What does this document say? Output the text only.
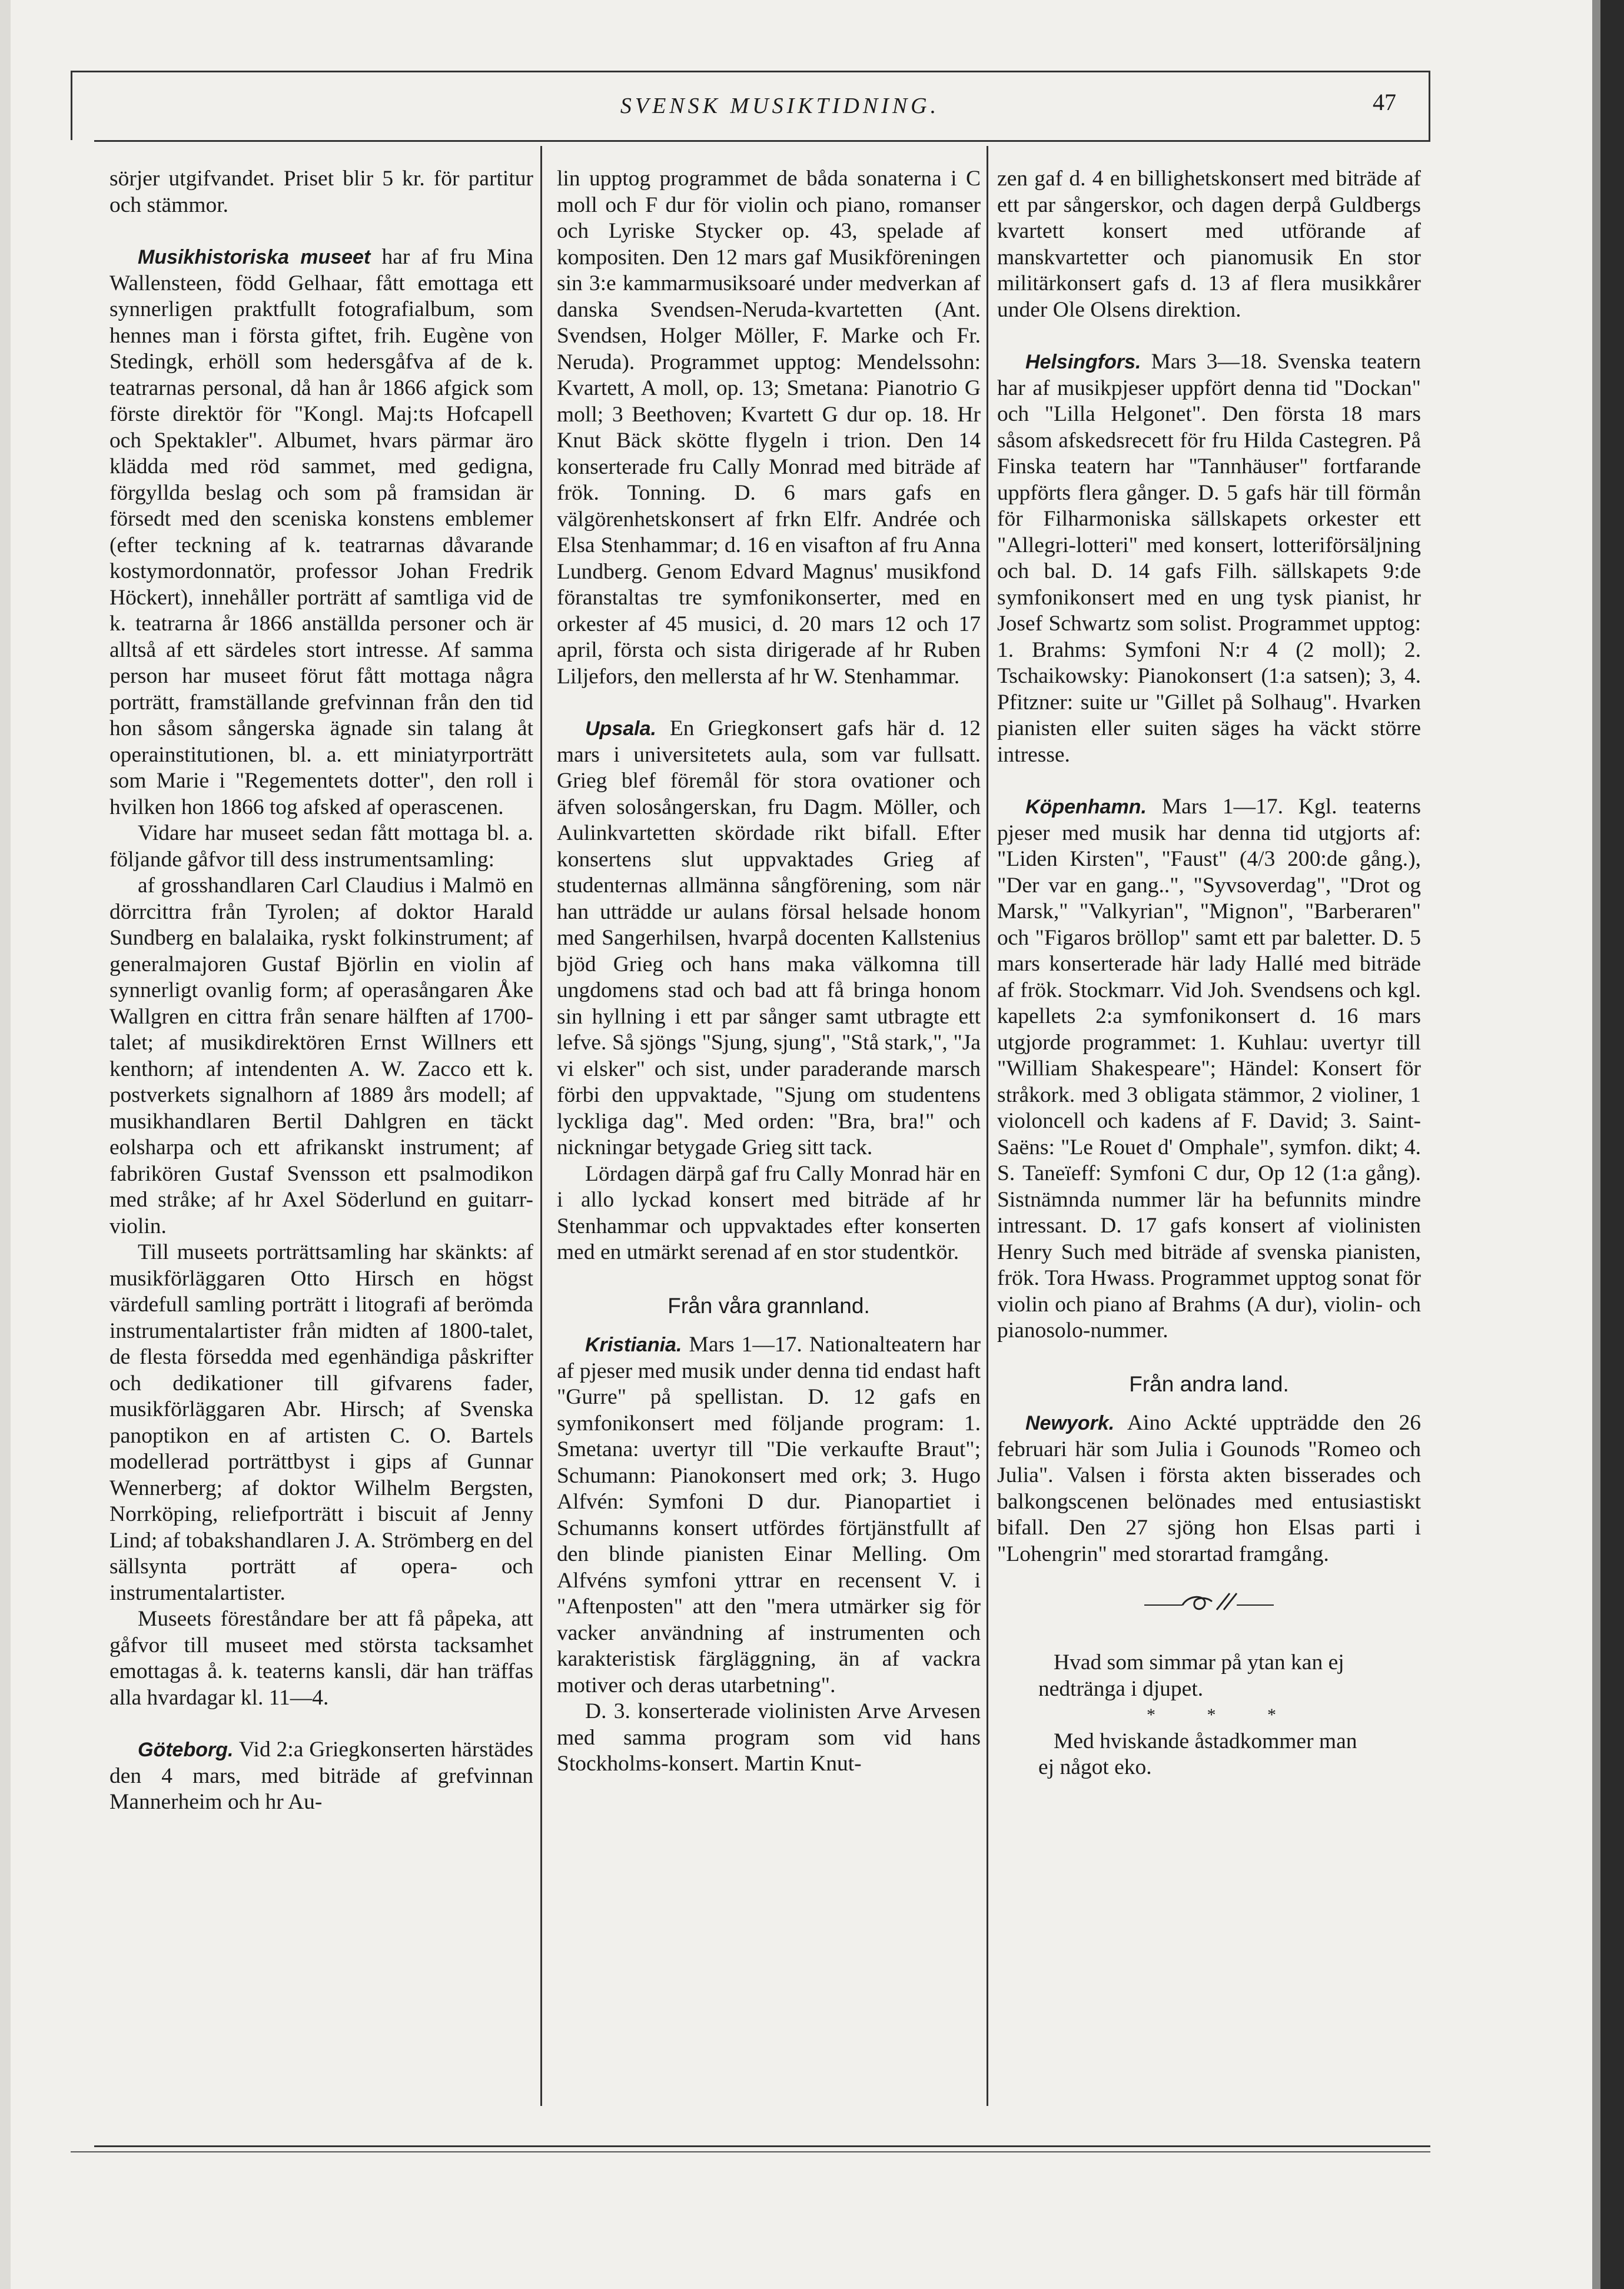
SVENSK MUSIKTIDNING.	47

sörjer utgifvandet. Priset blir 5 kr. för partitur och stämmor.

Musikhistoriska museet har af fru Mina Wallensteen, född Gelhaar, fått emottaga ett synnerligen praktfullt fotografialbum, som hennes man i första giftet, frih. Eugène von Stedingk, erhöll som hedersgåfva af de k. teatrarnas personal, då han år 1866 afgick som förste direktör för "Kongl. Maj:ts Hofcapell och Spektakler". Albumet, hvars pärmar äro klädda med röd sammet, med gedigna, förgyllda beslag och som på framsidan är försedt med den sceniska konstens emblemer (efter teckning af k. teatrarnas dåvarande kostymordonnatör, professor Johan Fredrik Höckert), innehåller porträtt af samtliga vid de k. teatrarna år 1866 anställda personer och är alltså af ett särdeles stort intresse. Af samma person har museet förut fått mottaga några porträtt, framställande grefvinnan från den tid hon såsom sångerska ägnade sin talang åt operainstitutionen, bl. a. ett miniatyrporträtt som Marie i "Regementets dotter", den roll i hvilken hon 1866 tog afsked af operascenen.

Vidare har museet sedan fått mottaga bl. a. följande gåfvor till dess instrumentsamling:

af grosshandlaren Carl Claudius i Malmö en dörrcittra från Tyrolen; af doktor Harald Sundberg en balalaika, ryskt folkinstrument; af generalmajoren Gustaf Björlin en violin af synnerligt ovanlig form; af operasångaren Åke Wallgren en cittra från senare hälften af 1700-talet; af musikdirektören Ernst Willners ett kenthorn; af intendenten A. W. Zacco ett k. postverkets signalhorn af 1889 års modell; af musikhandlaren Bertil Dahlgren en täckt eolsharpa och ett afrikanskt instrument; af fabrikören Gustaf Svensson ett psalmodikon med stråke; af hr Axel Söderlund en guitarr-violin.

Till museets porträttsamling har skänkts: af musikförläggaren Otto Hirsch en högst värdefull samling porträtt i litografi af berömda instrumentalartister från midten af 1800-talet, de flesta försedda med egenhändiga påskrifter och dedikationer till gifvarens fader, musikförläggaren Abr. Hirsch; af Svenska panoptikon en af artisten C. O. Bartels modellerad porträttbyst i gips af Gunnar Wennerberg; af doktor Wilhelm Bergsten, Norrköping, reliefporträtt i biscuit af Jenny Lind; af tobakshandlaren J. A. Strömberg en del sällsynta porträtt af opera- och instrumentalartister.

Museets föreståndare ber att få påpeka, att gåfvor till museet med största tacksamhet emottagas å. k. teaterns kansli, där han träffas alla hvardagar kl. 11—4.

Göteborg. Vid 2:a Griegkonserten härstädes den 4 mars, med biträde af grefvinnan Mannerheim och hr Au-

lin upptog programmet de båda sonaterna i C moll och F dur för violin och piano, romanser och Lyriske Stycker op. 43, spelade af kompositen. Den 12 mars gaf Musikföreningen sin 3:e kammarmusiksoaré under medverkan af danska Svendsen-Neruda-kvartetten (Ant. Svendsen, Holger Möller, F. Marke och Fr. Neruda). Programmet upptog: Mendelssohn: Kvartett, A moll, op. 13; Smetana: Pianotrio G moll; 3 Beethoven; Kvartett G dur op. 18. Hr Knut Bäck skötte flygeln i trion. Den 14 konserterade fru Cally Monrad med biträde af frök. Tonning. D. 6 mars gafs en välgörenhetskonsert af frkn Elfr. Andrée och Elsa Stenhammar; d. 16 en visafton af fru Anna Lundberg. Genom Edvard Magnus' musikfond föranstaltas tre symfonikonserter, med en orkester af 45 musici, d. 20 mars 12 och 17 april, första och sista dirigerade af hr Ruben Liljefors, den mellersta af hr W. Stenhammar.

Upsala. En Griegkonsert gafs här d. 12 mars i universitetets aula, som var fullsatt. Grieg blef föremål för stora ovationer och äfven solosångerskan, fru Dagm. Möller, och Aulinkvartetten skördade rikt bifall. Efter konsertens slut uppvaktades Grieg af studenternas allmänna sångförening, som när han utträdde ur aulans försal helsade honom med Sangerhilsen, hvarpå docenten Kallstenius bjöd Grieg och hans maka välkomna till ungdomens stad och bad att få bringa honom sin hyllning i ett par sånger samt utbragte ett lefve. Så sjöngs "Sjung, sjung", "Stå stark,", "Ja vi elsker" och sist, under paraderande marsch förbi den uppvaktade, "Sjung om studentens lyckliga dag". Med orden: "Bra, bra!" och nickningar betygade Grieg sitt tack.

Lördagen därpå gaf fru Cally Monrad här en i allo lyckad konsert med biträde af hr Stenhammar och uppvaktades efter konserten med en utmärkt serenad af en stor studentkör.

Från våra grannland.

Kristiania. Mars 1—17. Nationalteatern har af pjeser med musik under denna tid endast haft "Gurre" på spellistan. D. 12 gafs en symfonikonsert med följande program: 1. Smetana: uvertyr till "Die verkaufte Braut"; Schumann: Pianokonsert med ork; 3. Hugo Alfvén: Symfoni D dur. Pianopartiet i Schumanns konsert utfördes förtjänstfullt af den blinde pianisten Einar Melling. Om Alfvéns symfoni yttrar en recensent V. i "Aftenposten" att den "mera utmärker sig för vacker användning af instrumenten och karakteristisk färgläggning, än af vackra motiver och deras utarbetning".

D. 3. konserterade violinisten Arve Arvesen med samma program som vid hans Stockholms-konsert. Martin Knut-

zen gaf d. 4 en billighetskonsert med biträde af ett par sångerskor, och dagen derpå Guldbergs kvartett konsert med utförande af manskvartetter och pianomusik En stor militärkonsert gafs d. 13 af flera musikkårer under Ole Olsens direktion.

Helsingfors. Mars 3—18. Svenska teatern har af musikpjeser uppfört denna tid "Dockan" och "Lilla Helgonet". Den första 18 mars såsom afskedsrecett för fru Hilda Castegren. På Finska teatern har "Tannhäuser" fortfarande uppförts flera gånger. D. 5 gafs här till förmån för Filharmoniska sällskapets orkester ett "Allegri-lotteri" med konsert, lotteriförsäljning och bal. D. 14 gafs Filh. sällskapets 9:de symfonikonsert med en ung tysk pianist, hr Josef Schwartz som solist. Programmet upptog: 1. Brahms: Symfoni N:r 4 (2 moll); 2. Tschaikowsky: Pianokonsert (1:a satsen); 3, 4. Pfitzner: suite ur "Gillet på Solhaug". Hvarken pianisten eller suiten säges ha väckt större intresse.

Köpenhamn. Mars 1—17. Kgl. teaterns pjeser med musik har denna tid utgjorts af: "Liden Kirsten", "Faust" (4/3 200:de gång.), "Der var en gang..", "Syvsoverdag", "Drot og Marsk," "Valkyrian", "Mignon", "Barberaren" och "Figaros bröllop" samt ett par baletter. D. 5 mars konserterade här lady Hallé med biträde af frök. Stockmarr. Vid Joh. Svendsens och kgl. kapellets 2:a symfonikonsert d. 16 mars utgjorde programmet: 1. Kuhlau: uvertyr till "William Shakespeare"; Händel: Konsert för stråkork. med 3 obligata stämmor, 2 violiner, 1 violoncell och kadens af F. David; 3. Saint-Saëns: "Le Rouet d' Omphale", symfon. dikt; 4. S. Taneïeff: Symfoni C dur, Op 12 (1:a gång). Sistnämnda nummer lär ha befunnits mindre intressant. D. 17 gafs konsert af violinisten Henry Such med biträde af svenska pianisten, frök. Tora Hwass. Programmet upptog sonat för violin och piano af Brahms (A dur), violin- och pianosolo-nummer.

Från andra land.

Newyork. Aino Ackté uppträdde den 26 februari här som Julia i Gounods "Romeo och Julia". Valsen i första akten bisserades och balkongscenen belönades med entusiastiskt bifall. Den 27 sjöng hon Elsas parti i "Lohengrin" med storartad framgång.

Hvad som simmar på ytan kan ej

nedtränga i djupet.

* * *

Med hviskande åstadkommer man

ej något eko.
